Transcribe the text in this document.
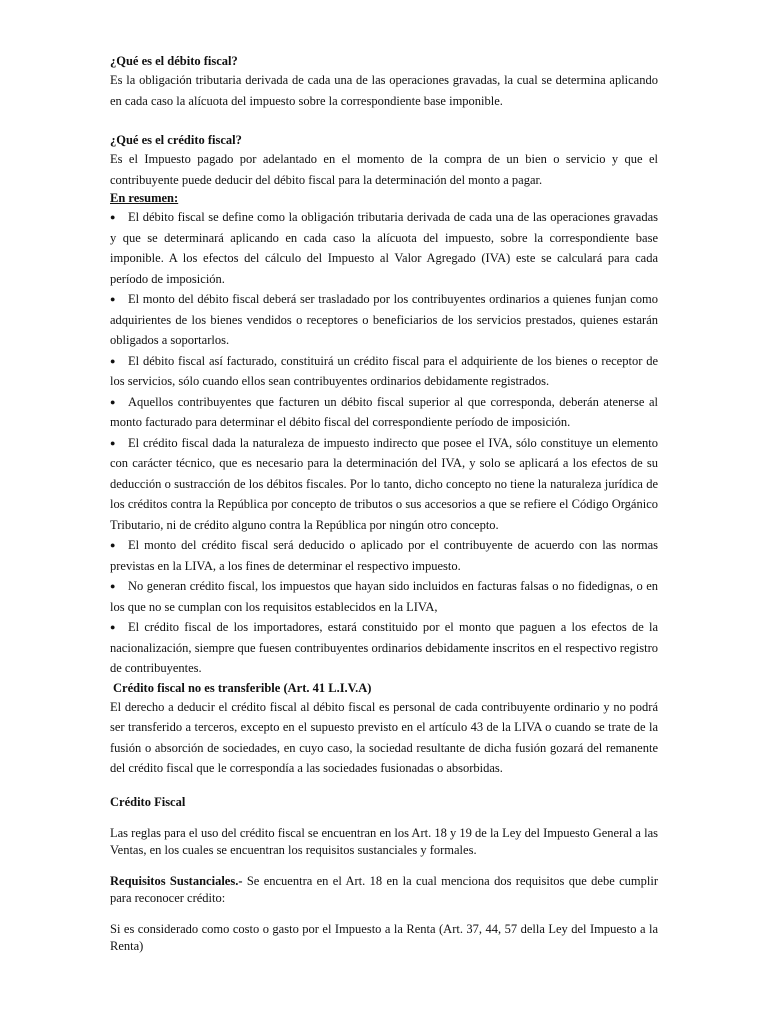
¿Qué es el débito fiscal?
Es la obligación tributaria derivada de cada una de las operaciones gravadas, la cual se determina aplicando en cada caso la alícuota del impuesto sobre la correspondiente base imponible.
¿Qué es el crédito fiscal?
Es el Impuesto pagado por adelantado en el momento de la compra de un bien o servicio y que el contribuyente puede deducir del débito fiscal para la determinación del monto a pagar.
En resumen:
● El débito fiscal se define como la obligación tributaria derivada de cada una de las operaciones gravadas y que se determinará aplicando en cada caso la alícuota del impuesto, sobre la correspondiente base imponible. A los efectos del cálculo del Impuesto al Valor Agregado (IVA) este se calculará para cada período de imposición.
● El monto del débito fiscal deberá ser trasladado por los contribuyentes ordinarios a quienes funjan como adquirientes de los bienes vendidos o receptores o beneficiarios de los servicios prestados, quienes estarán obligados a soportarlos.
● El débito fiscal así facturado, constituirá un crédito fiscal para el adquiriente de los bienes o receptor de los servicios, sólo cuando ellos sean contribuyentes ordinarios debidamente registrados.
● Aquellos contribuyentes que facturen un débito fiscal superior al que corresponda, deberán atenerse al monto facturado para determinar el débito fiscal del correspondiente período de imposición.
● El crédito fiscal dada la naturaleza de impuesto indirecto que posee el IVA, sólo constituye un elemento con carácter técnico, que es necesario para la determinación del IVA, y solo se aplicará a los efectos de su deducción o sustracción de los débitos fiscales. Por lo tanto, dicho concepto no tiene la naturaleza jurídica de los créditos contra la República por concepto de tributos o sus accesorios a que se refiere el Código Orgánico Tributario, ni de crédito alguno contra la República por ningún otro concepto.
● El monto del crédito fiscal será deducido o aplicado por el contribuyente de acuerdo con las normas previstas en la LIVA, a los fines de determinar el respectivo impuesto.
● No generan crédito fiscal, los impuestos que hayan sido incluidos en facturas falsas o no fidedignas, o en los que no se cumplan con los requisitos establecidos en la LIVA,
● El crédito fiscal de los importadores, estará constituido por el monto que paguen a los efectos de la nacionalización, siempre que fuesen contribuyentes ordinarios debidamente inscritos en el respectivo registro de contribuyentes.
Crédito fiscal no es transferible (Art. 41 L.I.V.A)
El derecho a deducir el crédito fiscal al débito fiscal es personal de cada contribuyente ordinario y no podrá ser transferido a terceros, excepto en el supuesto previsto en el artículo 43 de la LIVA o cuando se trate de la fusión o absorción de sociedades, en cuyo caso, la sociedad resultante de dicha fusión gozará del remanente del crédito fiscal que le correspondía a las sociedades fusionadas o absorbidas.
Crédito Fiscal
Las reglas para el uso del crédito fiscal se encuentran en los Art. 18 y 19 de la Ley del Impuesto General a las Ventas, en los cuales se encuentran los requisitos sustanciales y formales.
Requisitos Sustanciales.- Se encuentra en el Art. 18 en la cual menciona dos requisitos que debe cumplir para reconocer crédito:
Si es considerado como costo o gasto por el Impuesto a la Renta (Art. 37, 44, 57 della Ley del Impuesto a la Renta)
